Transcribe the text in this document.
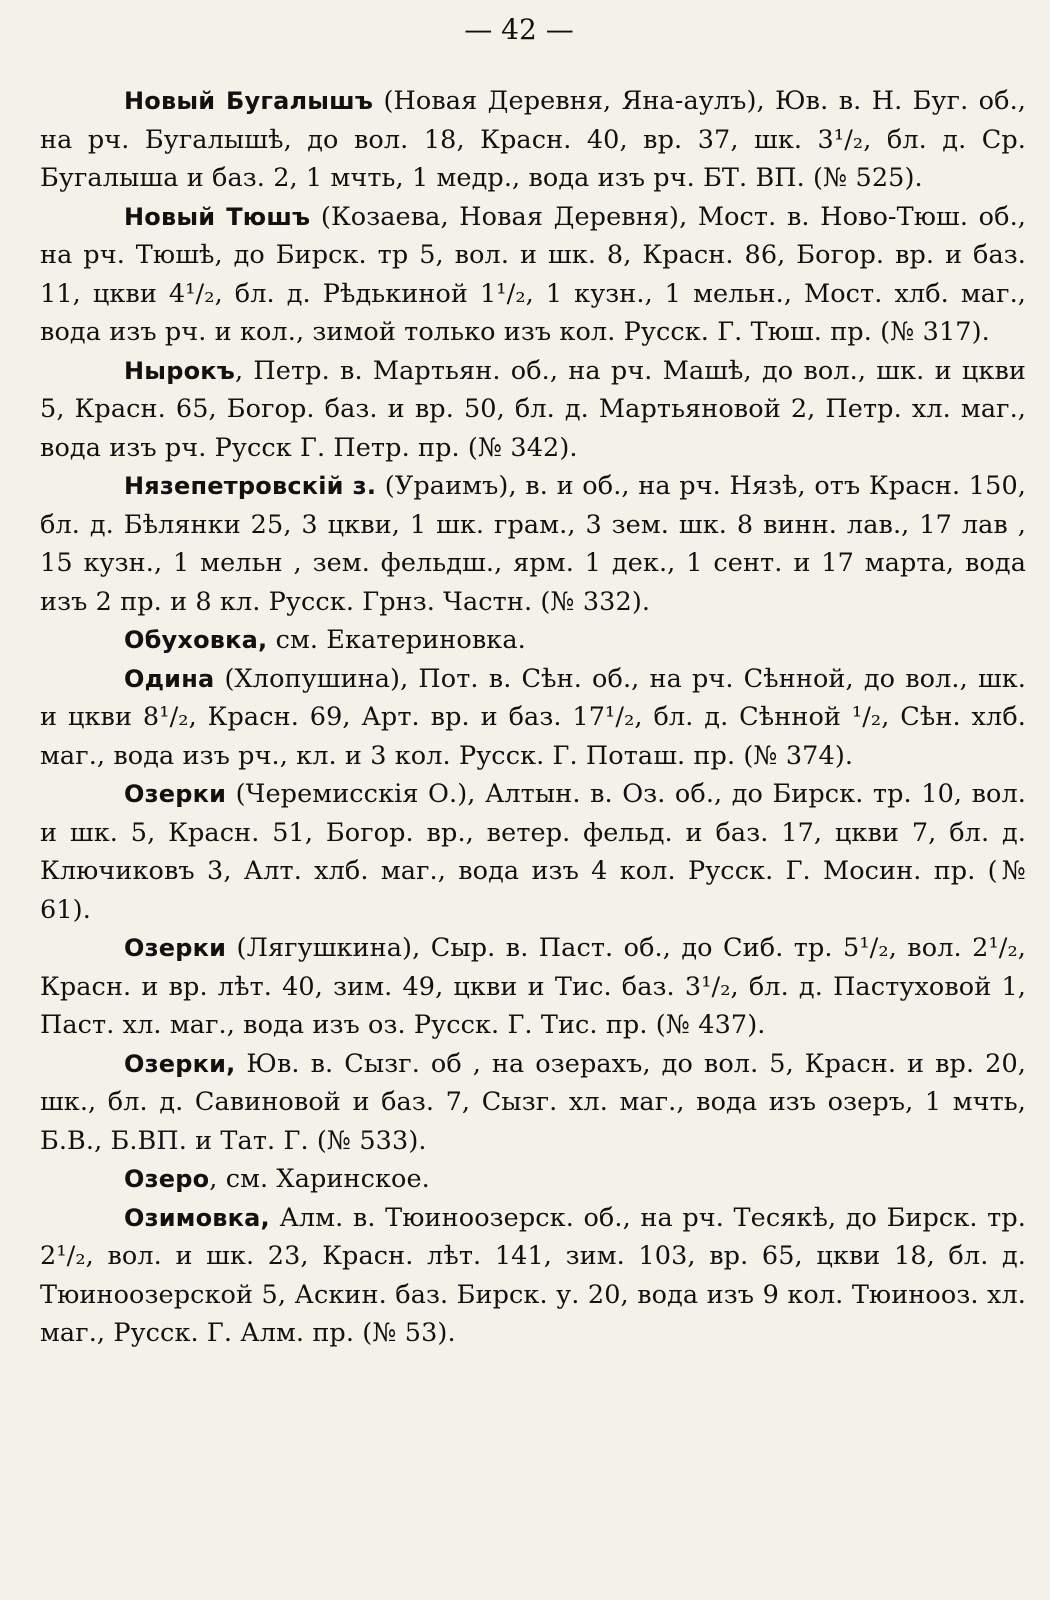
— 42 —

Новый Бугалышъ (Новая Деревня, Яна-аулъ), Юв. в. Н. Буг. об., на рч. Бугалышѣ, до вол. 18, Красн. 40, вр. 37, шк. 3¹/₂, бл. д. Ср. Бугалыша и баз. 2, 1 мчть, 1 медр., вода изъ рч. БТ. ВП. (№ 525).

Новый Тюшъ (Козаева, Новая Деревня), Мост. в. Ново-Тюш. об., на рч. Тюшѣ, до Бирск. тр 5, вол. и шк. 8, Красн. 86, Богор. вр. и баз. 11, цкви 4¹/₂, бл. д. Рѣдькиной 1¹/₂, 1 кузн., 1 мельн., Мост. хлб. маг., вода изъ рч. и кол., зимой только изъ кол. Русск. Г. Тюш. пр. (№ 317).

Нырокъ, Петр. в. Мартьян. об., на рч. Машѣ, до вол., шк. и цкви 5, Красн. 65, Богор. баз. и вр. 50, бл. д. Мартьяновой 2, Петр. хл. маг., вода изъ рч. Русск Г. Петр. пр. (№ 342).

Нязепетровскій з. (Ураимъ), в. и об., на рч. Нязѣ, отъ Красн. 150, бл. д. Бѣлянки 25, 3 цкви, 1 шк. грам., 3 зем. шк. 8 винн. лав., 17 лав , 15 кузн., 1 мельн , зем. фельдш., ярм. 1 дек., 1 сент. и 17 марта, вода изъ 2 пр. и 8 кл. Русск. Грнз. Частн. (№ 332).

Обуховка, см. Екатериновка.

Одина (Хлопушина), Пот. в. Сѣн. об., на рч. Сѣнной, до вол., шк. и цкви 8¹/₂, Красн. 69, Арт. вр. и баз. 17¹/₂, бл. д. Сѣнной ¹/₂, Сѣн. хлб. маг., вода изъ рч., кл. и 3 кол. Русск. Г. Поташ. пр. (№ 374).

Озерки (Черемисскія О.), Алтын. в. Оз. об., до Бирск. тр. 10, вол. и шк. 5, Красн. 51, Богор. вр., ветер. фельд. и баз. 17, цкви 7, бл. д. Ключиковъ 3, Алт. хлб. маг., вода изъ 4 кол. Русск. Г. Мосин. пр. (№ 61).

Озерки (Лягушкина), Сыр. в. Паст. об., до Сиб. тр. 5¹/₂, вол. 2¹/₂, Красн. и вр. лѣт. 40, зим. 49, цкви и Тис. баз. 3¹/₂, бл. д. Пастуховой 1, Паст. хл. маг., вода изъ оз. Русск. Г. Тис. пр. (№ 437).

Озерки, Юв. в. Сызг. об , на озерахъ, до вол. 5, Красн. и вр. 20, шк., бл. д. Савиновой и баз. 7, Сызг. хл. маг., вода изъ озеръ, 1 мчть, Б.В., Б.ВП. и Тат. Г. (№ 533).

Озеро, см. Харинское.

Озимовка, Алм. в. Тюиноозерск. об., на рч. Тесякѣ, до Бирск. тр. 2¹/₂, вол. и шк. 23, Красн. лѣт. 141, зим. 103, вр. 65, цкви 18, бл. д. Тюиноозерской 5, Аскин. баз. Бирск. у. 20, вода изъ 9 кол. Тюиноoз. хл. маг., Русск. Г. Алм. пр. (№ 53).
